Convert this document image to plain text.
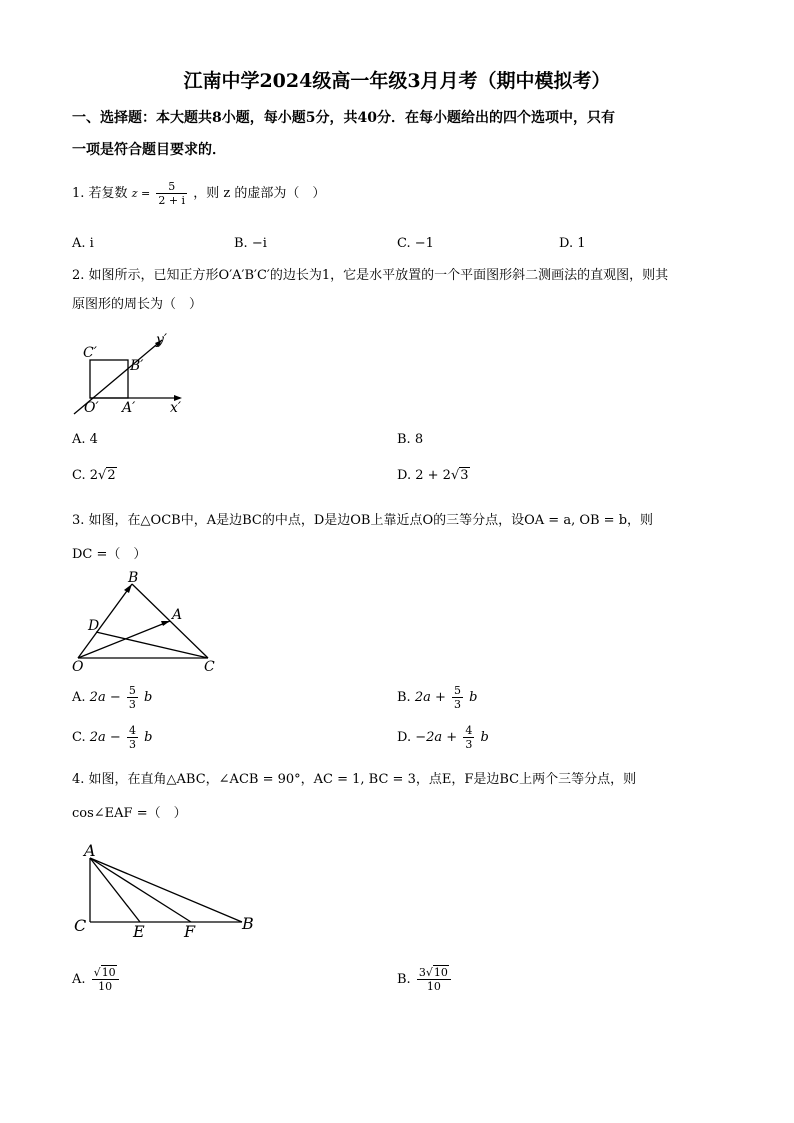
江南中学2024级高一年级3月月考（期中模拟考）
一、选择题：本大题共8小题，每小题5分，共40分．在每小题给出的四个选项中，只有
一项是符合题目要求的．
1. 若复数 $^{z =} \frac{5}{2 + i}$ ，则 z 的虚部为（　）
A. i	B. −i	C. −1	D. 1
2. 如图所示，已知正方形O′A′B′C′的边长为1，它是水平放置的一个平面图形斜二测画法的直观图，则其
原图形的周长为（　）
C′
B′
O′ A′ x′
y′
A. 4	B. 8
C. 2√2	D. 2 + 2√3
3. 如图，在△OCB中，A是边BC的中点，D是边OB上靠近点O的三等分点，设OA = a, OB = b，则
DC =（　）
B
A
D
O	C
A. $2a - \frac{5}{3}$ b	B. $2a + \frac{5}{3}$ b
C. $2a - \frac{4}{3}$ b	D. $-2a + \frac{4}{3}$ b
4. 如图，在直角△ABC，∠ACB = 90°，AC = 1, BC = 3，点E，F是边BC上两个三等分点，则
cos∠EAF =（　）
A
C	E F	B
A. $\frac{√10}{10}$	B. $\frac{3√10}{10}$
